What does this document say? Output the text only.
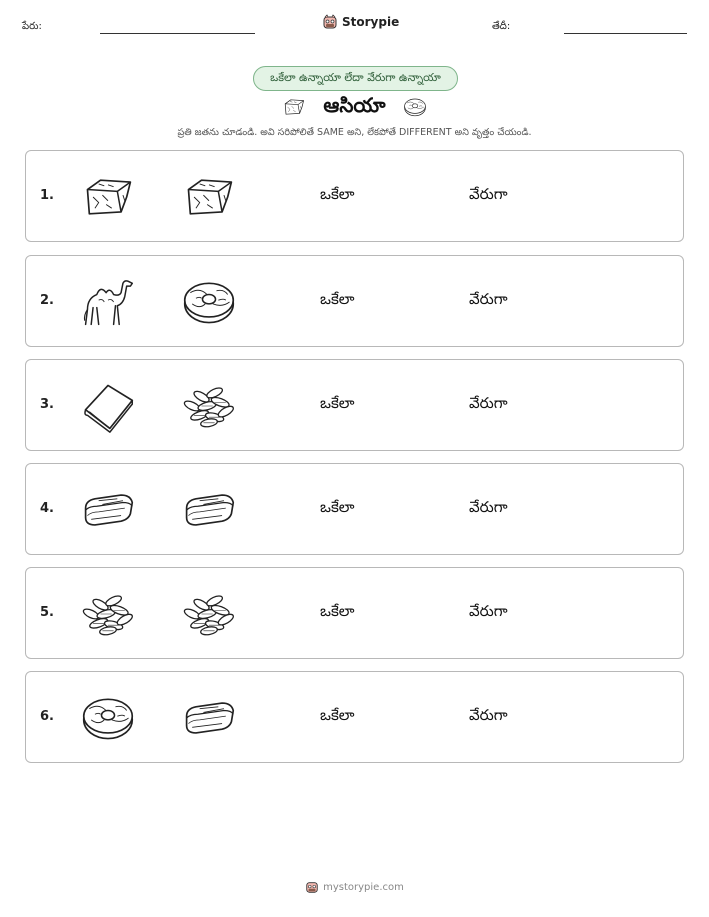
పేరు:	Storypie	తేదీ:
ఒకేలా ఉన్నాయా లేదా వేరుగా ఉన్నాయా
ఆసియా
ప్రతి జతను చూడండి. అవి సరిపోలితే SAME అని, లేకపోతే DIFFERENT అని వృత్తం చేయండి.
1.	ఒకేలా	వేరుగా
2.	ఒకేలా	వేరుగా
3.	ఒకేలా	వేరుగా
4.	ఒకేలా	వేరుగా
5.	ఒకేలా	వేరుగా
6.	ఒకేలా	వేరుగా
mystorypie.com
